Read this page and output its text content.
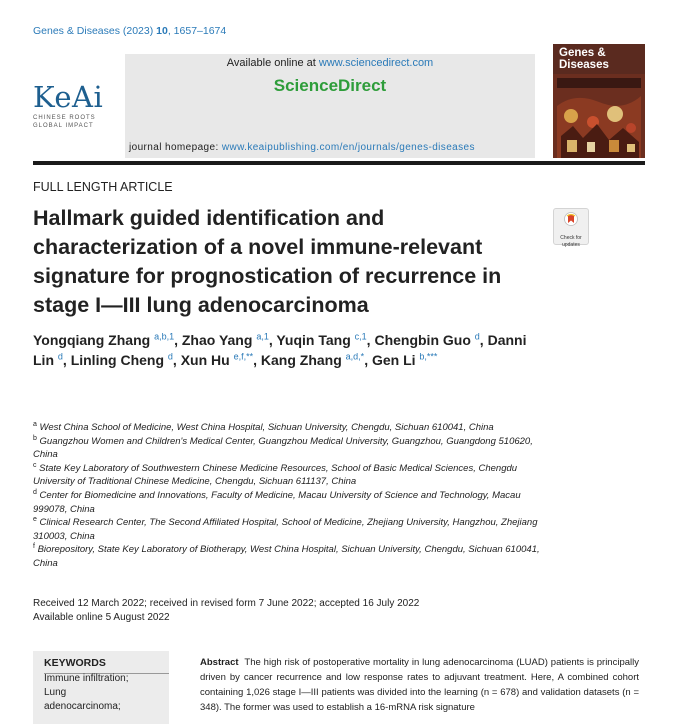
Genes & Diseases (2023) 10, 1657–1674
KeAi
CHINESE ROOTS
GLOBAL IMPACT
Available online at www.sciencedirect.com
ScienceDirect
journal homepage: www.keaipublishing.com/en/journals/genes-diseases
Genes &
Diseases
FULL LENGTH ARTICLE
Hallmark guided identification and characterization of a novel immune-relevant signature for prognostication of recurrence in stage I—III lung adenocarcinoma
Check for
updates
Yongqiang Zhang $^{a,b,1}$, Zhao Yang $^{a,1}$, Yuqin Tang $^{c,1}$, Chengbin Guo $^d$, Danni Lin $^d$, Linling Cheng $^d$, Xun Hu $^{e,f,**}$, Kang Zhang $^{a,d,*}$, Gen Li $^{b,***}$
$^a$ West China School of Medicine, West China Hospital, Sichuan University, Chengdu, Sichuan 610041, China
$^b$ Guangzhou Women and Children's Medical Center, Guangzhou Medical University, Guangzhou, Guangdong 510620, China
$^c$ State Key Laboratory of Southwestern Chinese Medicine Resources, School of Basic Medical Sciences, Chengdu University of Traditional Chinese Medicine, Chengdu, Sichuan 611137, China
$^d$ Center for Biomedicine and Innovations, Faculty of Medicine, Macau University of Science and Technology, Macau 999078, China
$^e$ Clinical Research Center, The Second Affiliated Hospital, School of Medicine, Zhejiang University, Hangzhou, Zhejiang 310003, China
$^f$ Biorepository, State Key Laboratory of Biotherapy, West China Hospital, Sichuan University, Chengdu, Sichuan 610041, China
Received 12 March 2022; received in revised form 7 June 2022; accepted 16 July 2022
Available online 5 August 2022
KEYWORDS
Immune infiltration;
Lung
adenocarcinoma;
Abstract The high risk of postoperative mortality in lung adenocarcinoma (LUAD) patients is principally driven by cancer recurrence and low response rates to adjuvant treatment. Here, A combined cohort containing 1,026 stage I—III patients was divided into the learning (n = 678) and validation datasets (n = 348). The former was used to establish a 16-mRNA risk signature
